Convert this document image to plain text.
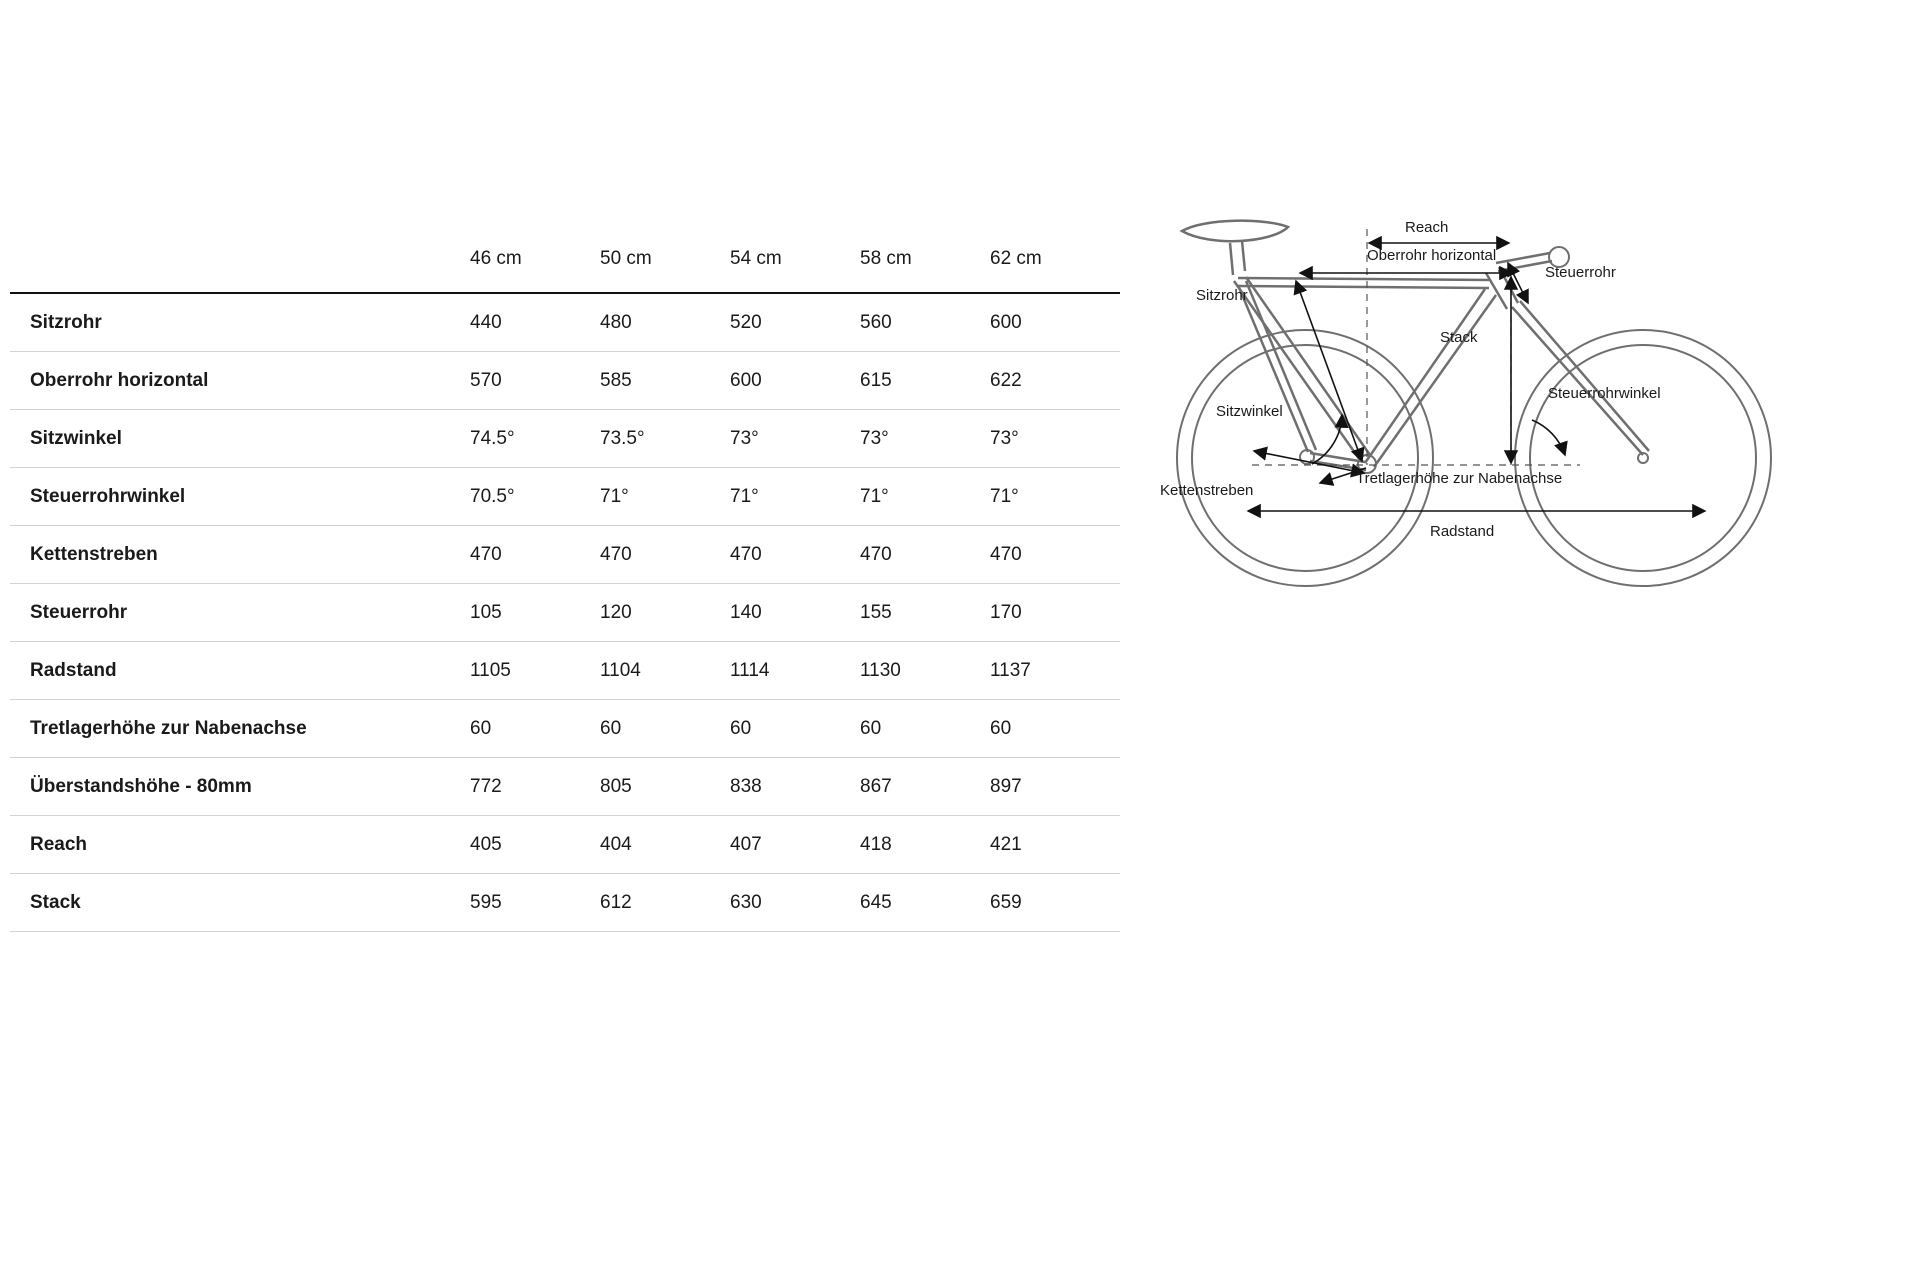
	46 cm	50 cm	54 cm	58 cm	62 cm
Sitzrohr	440	480	520	560	600
Oberrohr horizontal	570	585	600	615	622
Sitzwinkel	74.5°	73.5°	73°	73°	73°
Steuerrohrwinkel	70.5°	71°	71°	71°	71°
Kettenstreben	470	470	470	470	470
Steuerrohr	105	120	140	155	170
Radstand	1105	1104	1114	1130	1137
Tretlagerhöhe zur Nabenachse	60	60	60	60	60
Überstandshöhe - 80mm	772	805	838	867	897
Reach	405	404	407	418	421
Stack	595	612	630	645	659
Reach
Oberrohr horizontal
Steuerrohr
Sitzrohr
Stack
Steuerrohrwinkel
Sitzwinkel
Tretlagerhöhe zur Nabenachse
Kettenstreben
Radstand
